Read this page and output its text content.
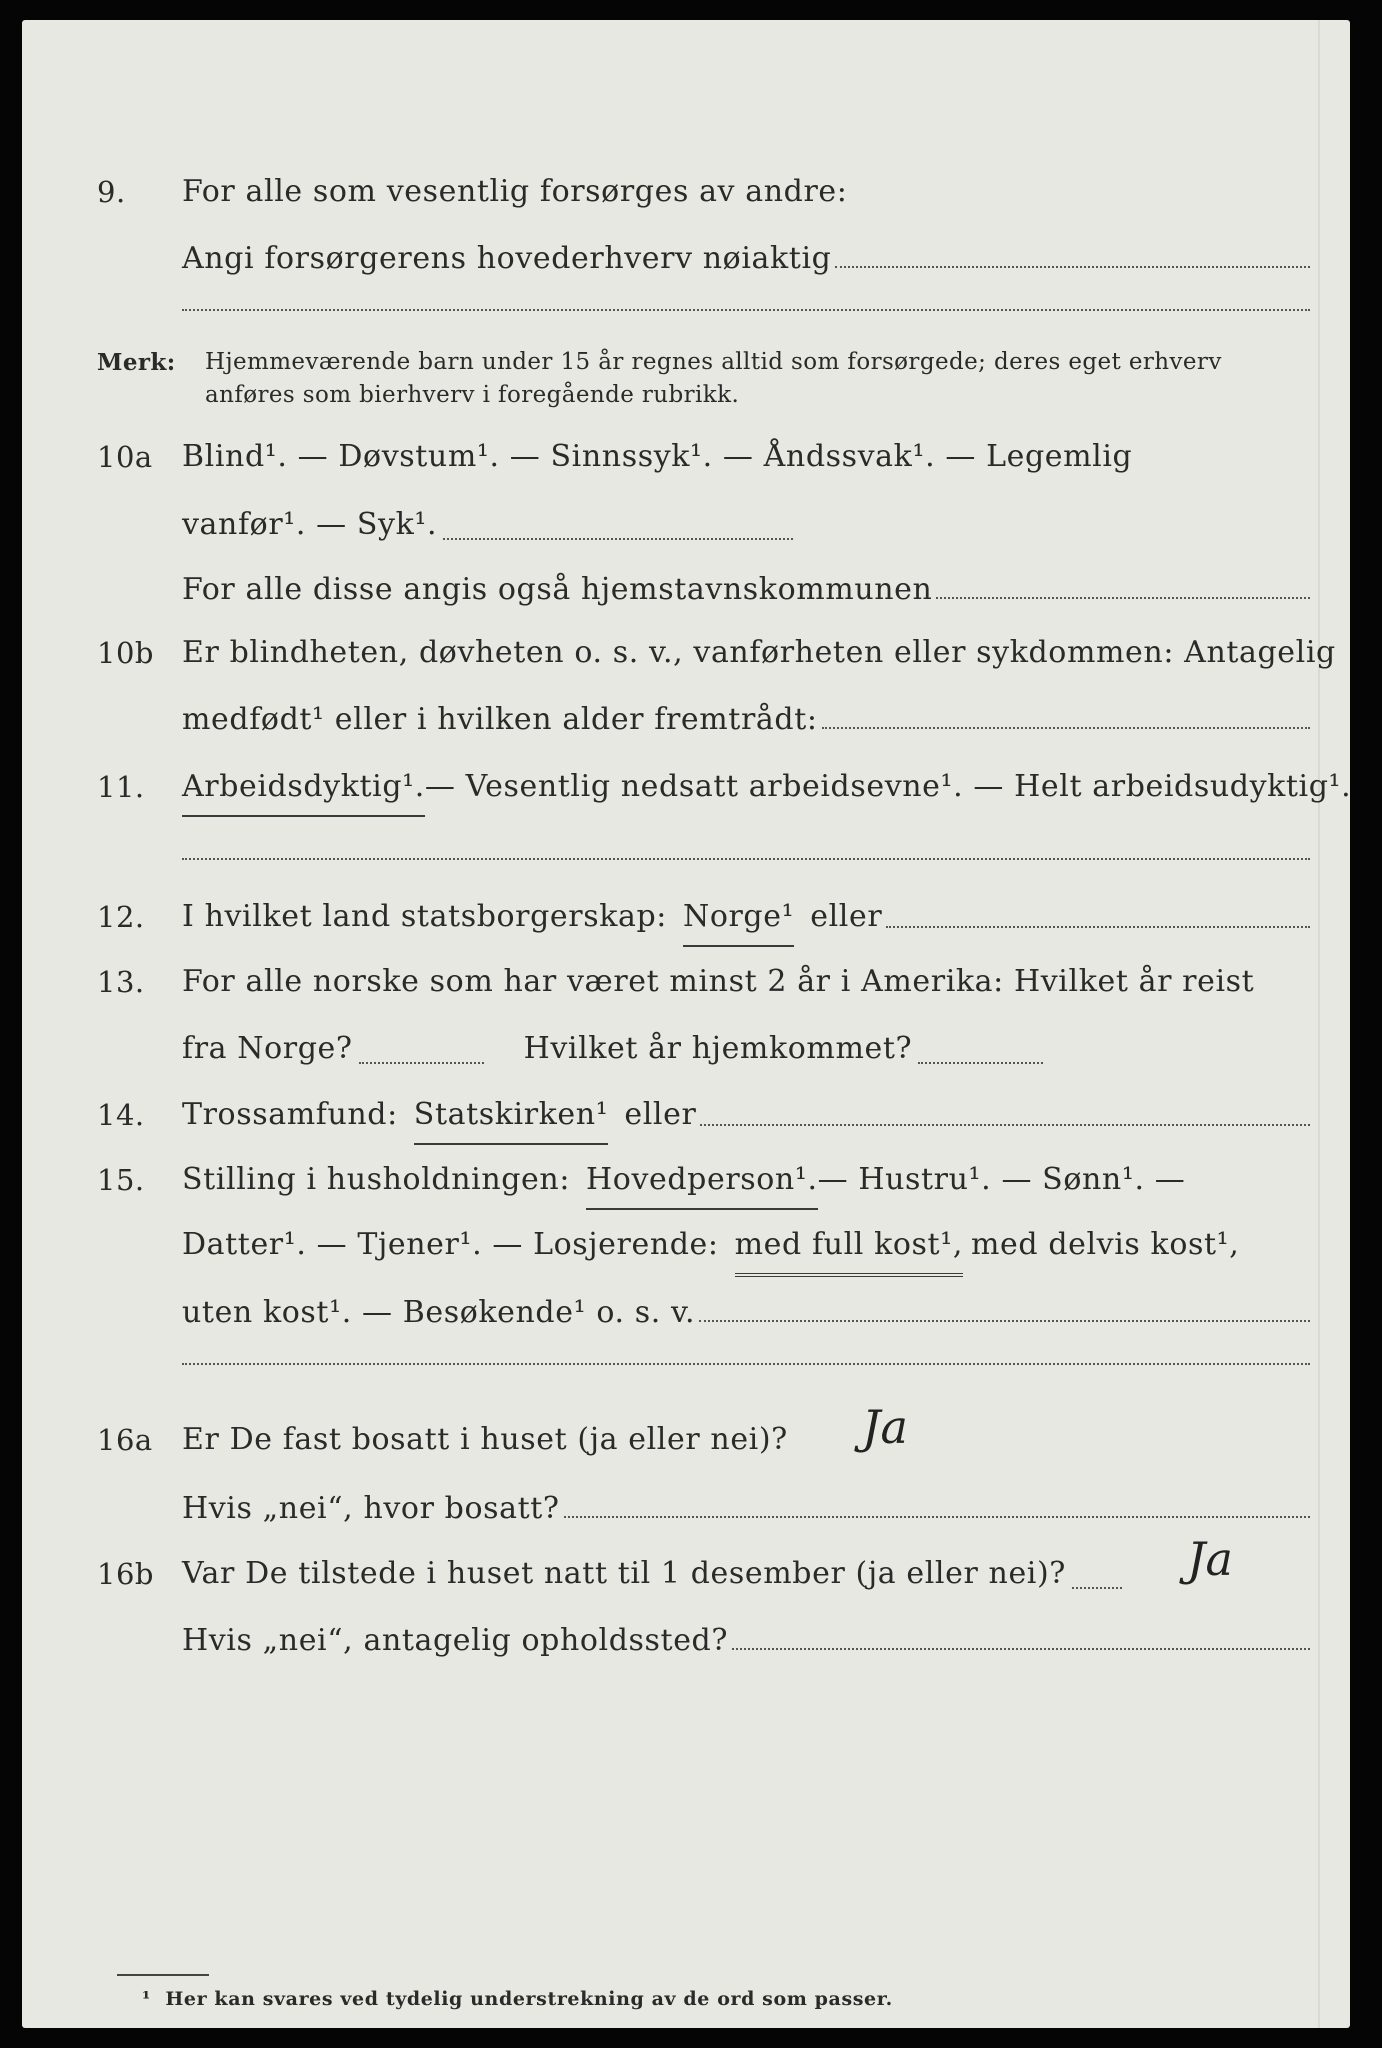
9.	For alle som vesentlig forsørges av andre:
Angi forsørgerens hovederhverv nøiaktig
Merk: Hjemmeværende barn under 15 år regnes alltid som forsørgede; deres eget erhverv anføres som bierhverv i foregående rubrikk.
10a Blind¹. — Døvstum¹. — Sinnssyk¹. — Åndssvak¹. — Legemlig
vanfør¹. — Syk¹.
For alle disse angis også hjemstavnskommunen
10b Er blindheten, døvheten o. s. v., vanførheten eller sykdommen: Antagelig
medfødt¹ eller i hvilken alder fremtrådt:
11.	Arbeidsdyktig¹. — Vesentlig nedsatt arbeidsevne¹. — Helt arbeidsudyktig¹.
12.	I hvilket land statsborgerskap: Norge¹ eller
13.	For alle norske som har været minst 2 år i Amerika: Hvilket år reist
fra Norge?	Hvilket år hjemkommet?
14.	Trossamfund: Statskirken¹ eller
15.	Stilling i husholdningen: Hovedperson¹. — Hustru¹. — Sønn¹. —
Datter¹. — Tjener¹. — Losjerende: med full kost¹, med delvis kost¹,
uten kost¹. — Besøkende¹ o. s. v.
16a Er De fast bosatt i huset (ja eller nei)? Ja
Hvis „nei“, hvor bosatt?
16b Var De tilstede i huset natt til 1 desember (ja eller nei)?	Ja
Hvis „nei“, antagelig opholdssted?
¹ Her kan svares ved tydelig understrekning av de ord som passer.
